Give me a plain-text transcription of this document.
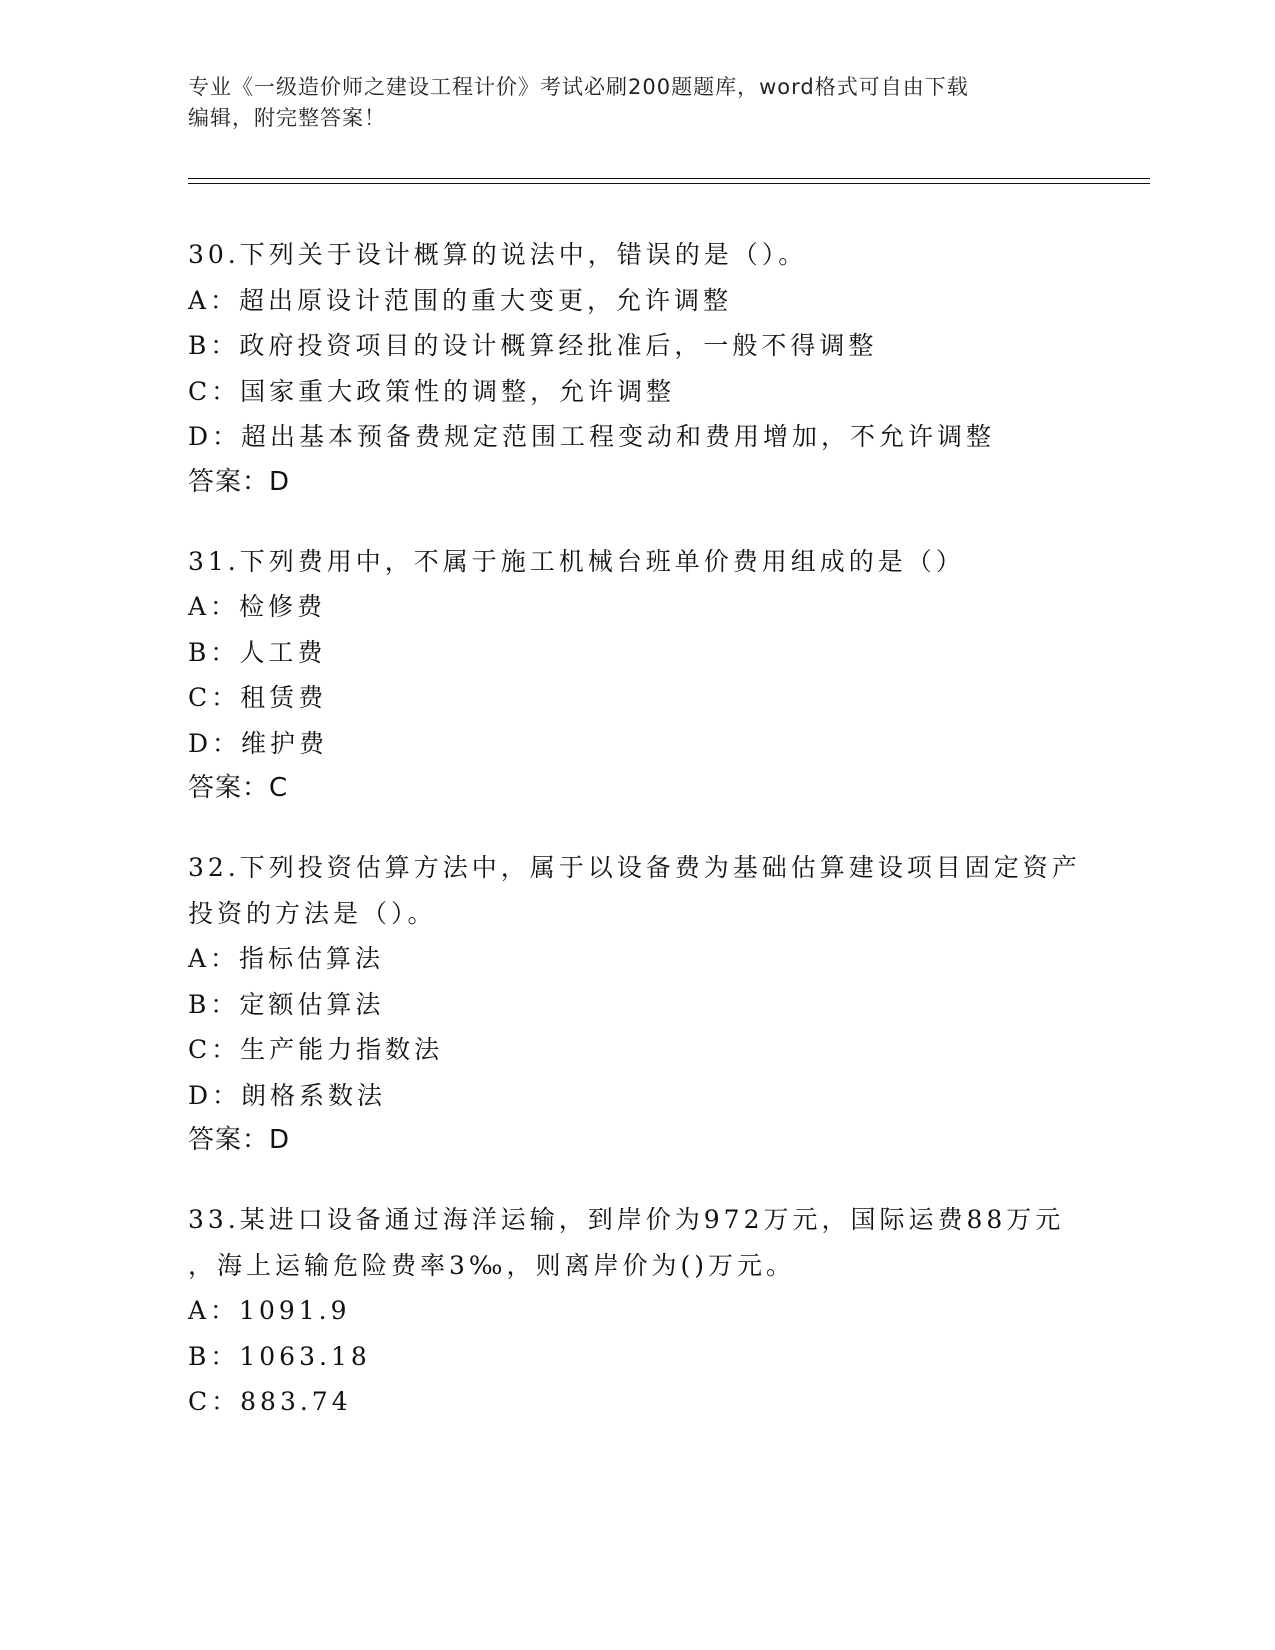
专业《一级造价师之建设工程计价》考试必刷200题题库，word格式可自由下载
编辑，附完整答案！
30.下列关于设计概算的说法中，错误的是（）。
A：超出原设计范围的重大变更，允许调整
B：政府投资项目的设计概算经批准后，一般不得调整
C：国家重大政策性的调整，允许调整
D：超出基本预备费规定范围工程变动和费用增加，不允许调整
答案：D
31.下列费用中，不属于施工机械台班单价费用组成的是（）
A：检修费
B：人工费
C：租赁费
D：维护费
答案：C
32.下列投资估算方法中，属于以设备费为基础估算建设项目固定资产
投资的方法是（）。
A：指标估算法
B：定额估算法
C：生产能力指数法
D：朗格系数法
答案：D
33.某进口设备通过海洋运输，到岸价为972万元，国际运费88万元
，海上运输危险费率3‰，则离岸价为()万元。
A：1091.9
B：1063.18
C：883.74
